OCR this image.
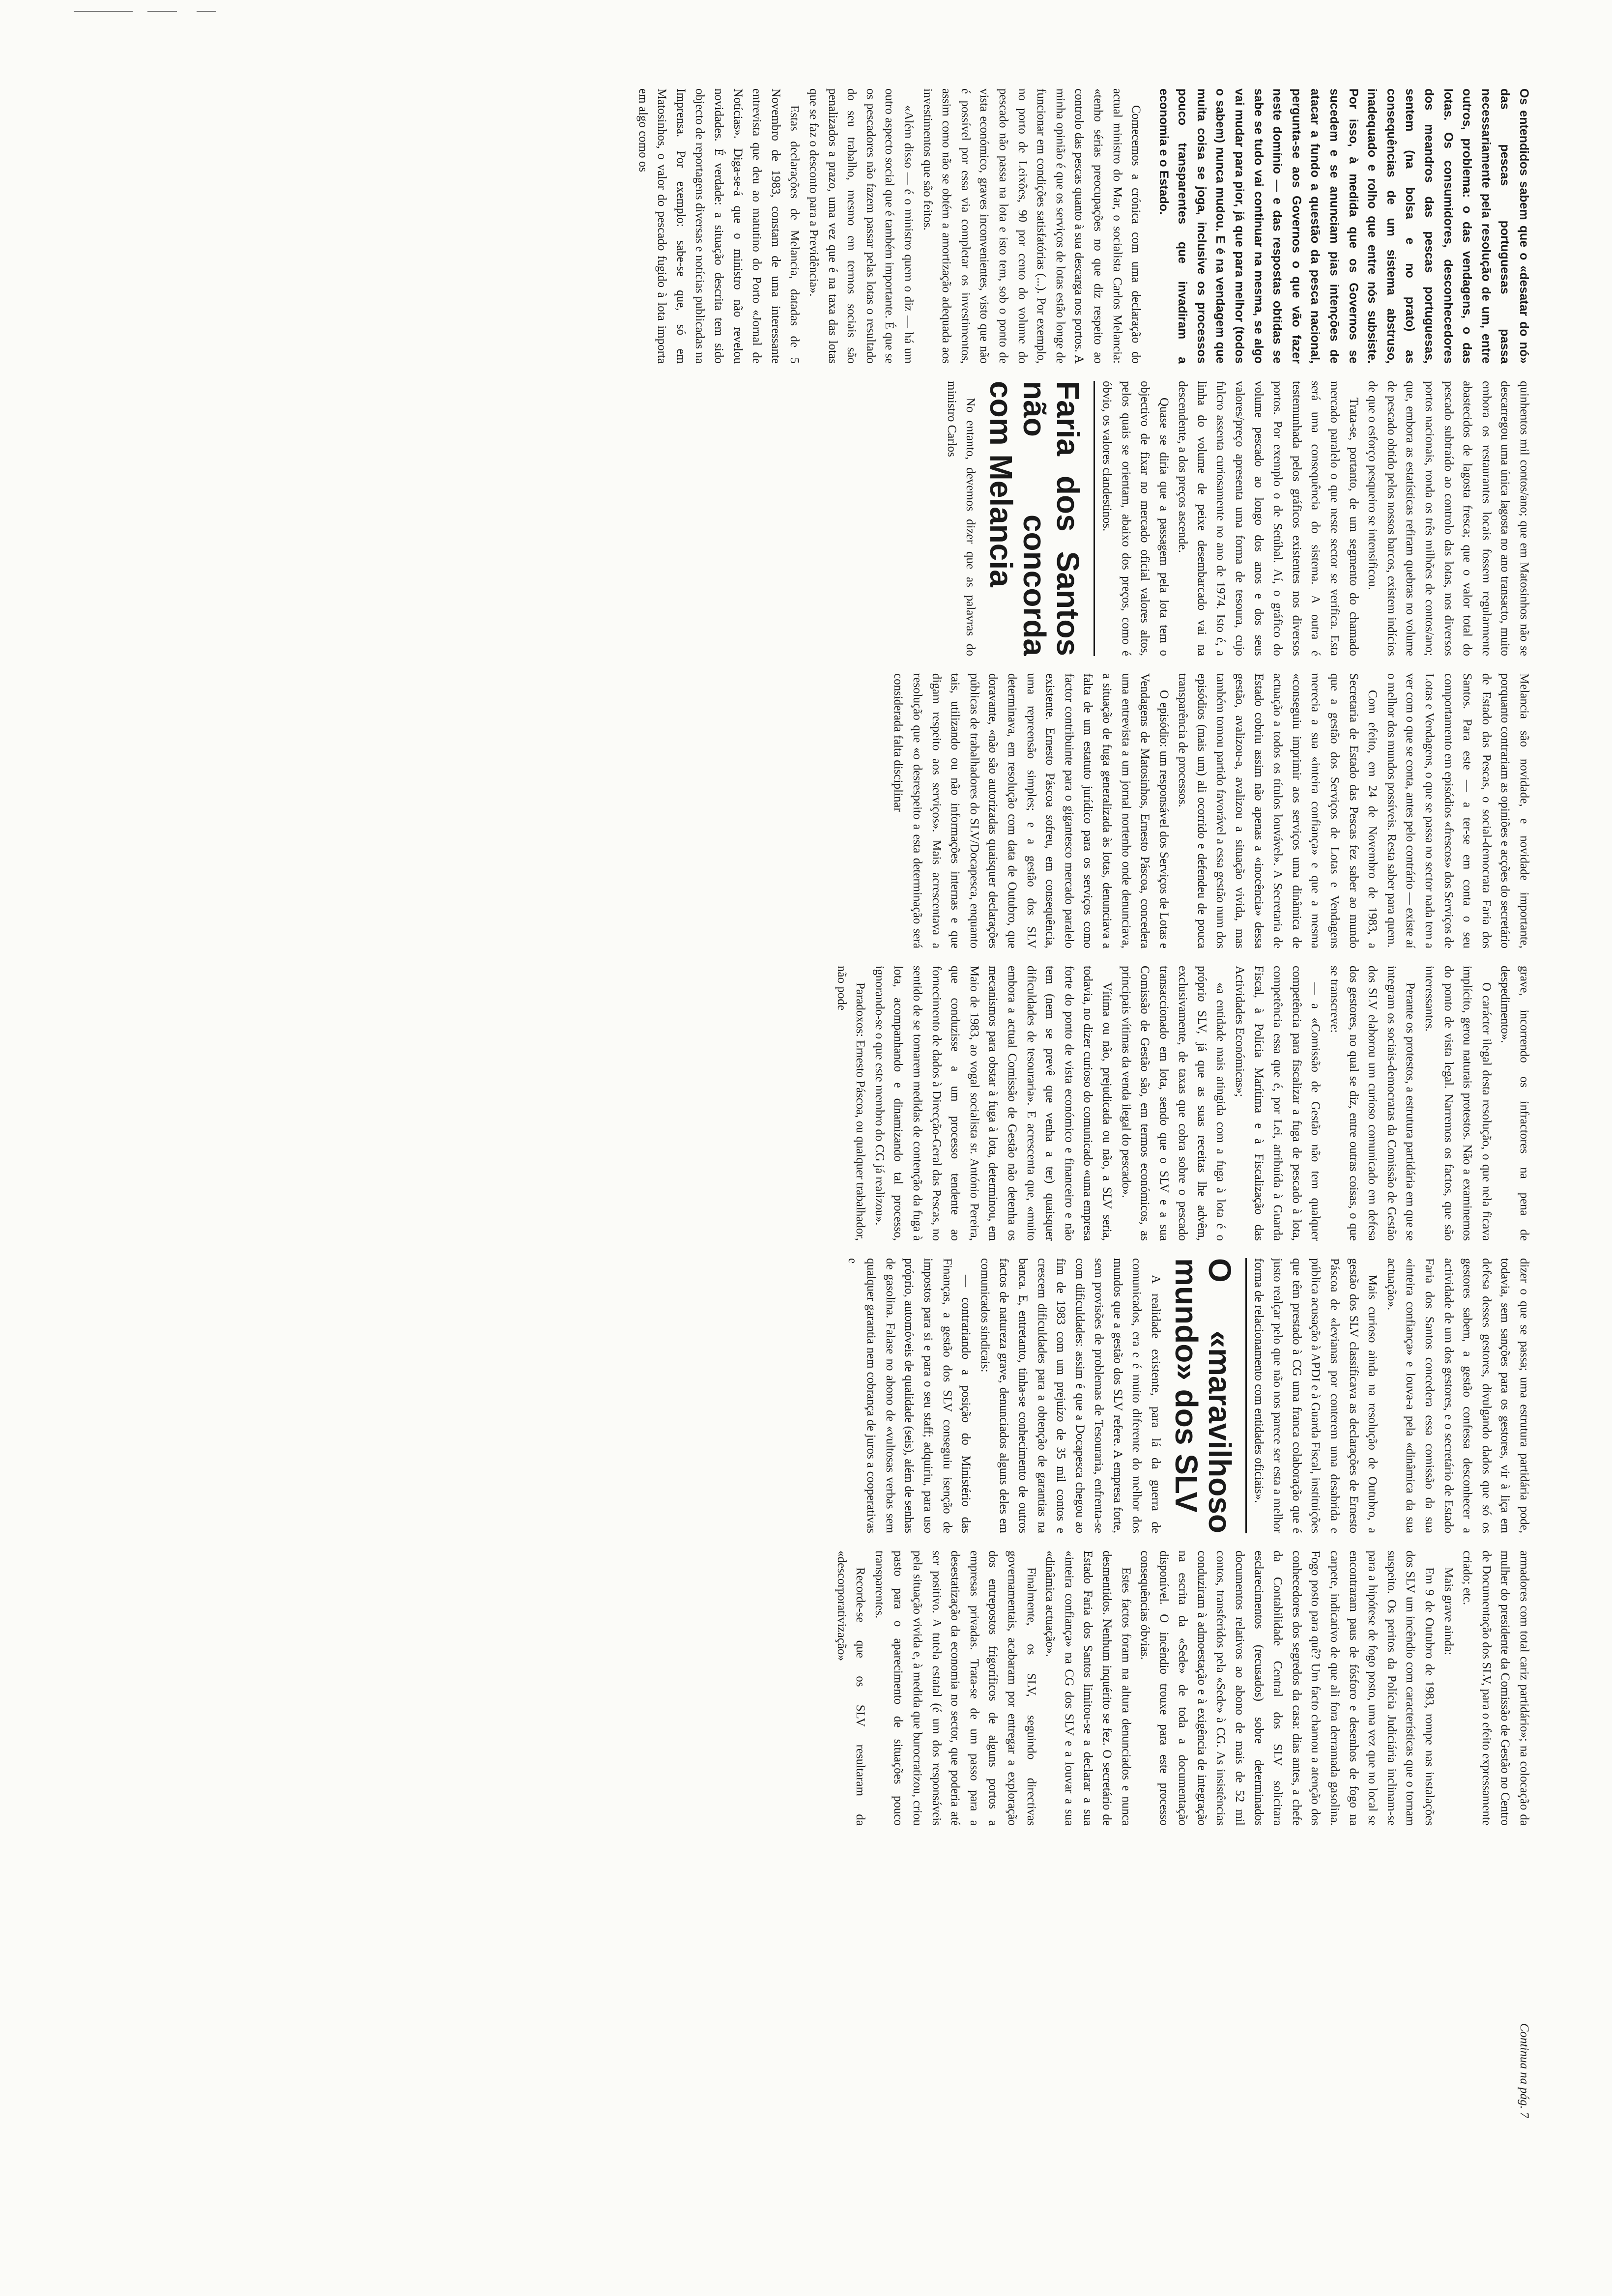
Os entendidos sabem que o «desatar do nó» das pescas portuguesas passa necessariamente pela resolução de um, entre outros, problema: o das vendagens, o das lotas. Os consumidores, desconhecedores dos meandros das pescas portuguesas, sentem (na bolsa e no prato) as consequências de um sistema abstruso, inadequado e rolho que entre nós subsiste. Por isso, à medida que os Governos se sucedem e se anunciam pias intenções de atacar a fundo a questão da pesca nacional, pergunta-se aos Governos o que vão fazer neste domínio — e das respostas obtidas se sabe se tudo vai continuar na mesma, se algo vai mudar para pior, já que para melhor (todos o sabem) nunca mudou. E é na vendagem que muita coisa se joga, inclusive os processos pouco transparentes que invadiram a economia e o Estado.

Comecemos a crónica com uma declaração do actual ministro do Mar, o socialista Carlos Melancia: «tenho sérias preocupações no que diz respeito ao controlo das pescas quanto à sua descarga nos portos. A minha opinião é que os serviços de lotas estão longe de funcionar em condições satisfatórias (...). Por exemplo, no porto de Leixões, 90 por cento do volume do pescado não passa na lota e isto tem, sob o ponto de vista económico, graves inconvenientes, visto que não é possível por essa via completar os investimentos, assim como não se obtém a amortização adequada aos investimentos que são feitos.

«Além disso — é o ministro quem o diz — há um outro aspecto social que é também importante. É que se os pescadores não fazem passar pelas lotas o resultado do seu trabalho, mesmo em termos sociais são penalizados a prazo, uma vez que é na taxa das lotas que se faz o desconto para a Previdência».

Estas declarações de Melancia, datadas de 5 Novembro de 1983, constam de uma interessante entrevista que deu ao matutino do Porto «Jornal de Notícias». Diga-se-á que o ministro não revelou novidades. É verdade: a situação descrita tem sido objecto de reportagens diversas e notícias publicadas na Imprensa. Por exemplo: sabe-se que, só em Matosinhos, o valor do pescado fugido à lota importa em algo como os

quinhentos mil contos/ano; que em Matosinhos não se descarregou uma única lagosta no ano transacto, muito embora os restaurantes locais fossem regularmente abastecidos de lagosta fresca; que o valor total do pescado subtraído ao controlo das lotas, nos diversos portos nacionais, ronda os três milhões de contos/ano; que, embora as estatísticas refiram quebras no volume de pescado obtido pelos nossos barcos, existem indícios de que o esforço pesqueiro se intensificou.

Trata-se, portanto, de um segmento do chamado mercado paralelo o que neste sector se verifica. Esta será uma consequência do sistema. A outra é testemunhada pelos gráficos existentes nos diversos portos. Por exemplo o de Setúbal. Aí, o gráfico do volume pescado ao longo dos anos e dos seus valores/preço apresenta uma forma de tesoura, cujo fulcro assenta curiosamente no ano de 1974. Isto é, a linha do volume de peixe desembarcado vai na descendente, a dos preços ascende.

Quase se diria que a passagem pela lota tem o objectivo de fixar no mercado oficial valores altos, pelos quais se orientam, abaixo dos preços, como é óbvio, os valores clandestinos.

Faria dos Santos não concorda com Melancia

No entanto, devemos dizer que as palavras do ministro Carlos

Melancia são novidade, e novidade importante, porquanto contrariam as opiniões e acções do secretário de Estado das Pescas, o social-democrata Faria dos Santos. Para este — a ter-se em conta o seu comportamento em episódios «frescos» dos Serviços de Lotas e Vendagens, o que se passa no sector nada tem a ver com o que se conta, antes pelo contrário — existe aí o melhor dos mundos possíveis. Resta saber para quem.

Com efeito, em 24 de Novembro de 1983, a Secretaria de Estado das Pescas fez saber ao mundo que a gestão dos Serviços de Lotas e Vendagens merecia a sua «inteira confiança» e que a mesma «conseguiu imprimir aos serviços uma dinâmica de actuação a todos os títulos louvável». A Secretaria de Estado cobriu assim não apenas a «inocência» dessa gestão, avalizou-a, avalizou a situação vivida, mas também tomou partido favorável a essa gestão num dos episódios (mais um) ali ocorrido e defendeu de pouca transparência de processos.

O episódio: um responsável dos Serviços de Lotas e Vendagens de Matosinhos, Ernesto Páscoa, concedera uma entrevista a um jornal nortenho onde denunciava, a situação de fuga generalizada às lotas, denunciava a falta de um estatuto jurídico para os serviços como factor contribuinte para o gigantesco mercado paralelo existente. Ernesto Páscoa sofreu, em consequência, uma repreensão simples; e a gestão dos SLV determinava, em resolução com data de Outubro, que doravante, «não são autorizadas quaisquer declarações públicas de trabalhadores do SLV/Docapesca, enquanto tais, utilizando ou não informações internas e que digam respeito aos serviços». Mais acrescentava a resolução que «o desrespeito a esta determinação será considerada falta disciplinar

grave, incorrendo os infractores na pena de despedimento».

O carácter ilegal desta resolução, o que nela ficava implícito, gerou naturais protestos. Não a examinemos do ponto de vista legal. Narremos os factos, que são interessantes.

Perante os protestos, a estrutura partidária em que se integram os sociais-democratas da Comissão de Gestão dos SLV elaborou um curioso comunicado em defesa dos gestores, no qual se diz, entre outras coisas, o que se transcreve:

— a «Comissão de Gestão não tem qualquer competência para fiscalizar a fuga de pescado à lota, competência essa que é, por Lei, atribuída à Guarda Fiscal, à Polícia Marítima e à Fiscalização das Actividades Económicas»;

«a entidade mais atingida com a fuga à lota é o próprio SLV, já que as suas receitas lhe advêm, exclusivamente, de taxas que cobra sobre o pescado transaccionado em lota, sendo que o SLV e a sua Comissão de Gestão são, em termos económicos, as principais vítimas da venda ilegal do pescado».

Vítima ou não, prejudicada ou não, a SLV seria, todavia, no dizer curioso do comunicado «uma empresa forte do ponto de vista económico e financeiro e não tem (nem se prevê que venha a ter) quaisquer dificuldades de tesouraria». E acrescenta que, «muito embora a actual Comissão de Gestão não detenha os mecanismos para obstar à fuga à lota, determinou, em Maio de 1983, ao vogal socialista sr. António Pereira, que conduzisse a um processo tendente ao fornecimento de dados à Direcção-Geral das Pescas, no sentido de se tomarem medidas de contenção da fuga à lota, acompanhando e dinamizando tal processo, ignorando-se o que este membro do CG já realizou».

Paradoxos: Ernesto Páscoa, ou qualquer trabalhador, não pode

dizer o que se passa; uma estrutura partidária pode, todavia, sem sanções para os gestores, vir à liça em defesa desses gestores, divulgando dados que só os gestores sabem, a gestão confessa desconhecer a actividade de um dos gestores, e o secretário de Estado Faria dos Santos concedera essa comissão da sua «inteira confiança» e louva-a pela «dinâmica da sua actuação».

Mais curioso ainda na resolução de Outubro, a gestão dos SLV classificava as declarações de Ernesto Páscoa de «levianas por conterem uma desabrida e pública acusação à APDI e à Guarda Fiscal, instituições que têm prestado à CG uma franca colaboração que é justo realçar pelo que não nos parece ser esta a melhor forma de relacionamento com entidades oficiais».

O «maravilhoso mundo» dos SLV

A realidade existente, para lá da guerra de comunicados, era e é muito diferente do melhor dos mundos que a gestão dos SLV refere. A empresa forte, sem provisões de problemas de Tesouraria, enfrenta-se com dificuldades: assim é que a Docapesca chegou ao fim de 1983 com um prejuízo de 35 mil contos e crescem dificuldades para a obtenção de garantias na banca. E, entretanto, tinha-se conhecimento de outros factos de natureza grave, denunciados alguns deles em comunicados sindicais:

— contrariando a posição do Ministério das Finanças, a gestão dos SLV conseguiu isenção de impostos para si e para o seu staff; adquiriu, para uso próprio, automóveis de qualidade (seis), além de senhas de gasolina. Falase no abono de «vultosas verbas sem qualquer garantia nem cobrança de juros a cooperativas e

armadores com total cariz partidário»; na colocação da mulher do presidente da Comissão de Gestão no Centro de Documentação dos SLV, para o efeito expressamente criado; etc.

Mais grave ainda:

Em 9 de Outubro de 1983, rompe nas instalações dos SLV um incêndio com características que o tornam suspeito. Os peritos da Polícia Judiciária inclinam-se para a hipótese de fogo posto, uma vez que no local se encontraram paus de fósforo e desenhos de fogo na carpete, indicativo de que ali fora derramada gasolina. Fogo posto para quê? Um facto chamou a atenção dos conhecedores dos segredos da casa: dias antes, a chefe da Contabilidade Central dos SLV solicitara esclarecimentos (recusados) sobre determinados documentos relativos ao abono de mais de 52 mil contos, transferidos pela «Sede» à CG. As insistências conduziram à admoestação e à exigência de integração na escrita da «Sede» de toda a documentação disponível. O incêndio trouxe para este processo consequências óbvias.

Estes factos foram na altura denunciados e nunca desmentidos. Nenhum inquérito se fez. O secretário de Estado Faria dos Santos limitou-se a declarar a sua «inteira confiança» na CG dos SLV e a louvar a sua «dinâmica actuação».

Finalmente, os SLV, seguindo directivas governamentais, acabaram por entregar a exploração dos entrepostos frigoríficos de alguns portos a empresas privadas. Trata-se de um passo para a desestatização da economia no sector, que poderia até ser positivo. A tutela estatal (é um dos responsáveis pela situação vivida e, à medida que burocratizou, criou pasto para o aparecimento de situações pouco transparentes.

Recorde-se que os SLV resultaram da «descorporativização»

Continua na pág. 7
